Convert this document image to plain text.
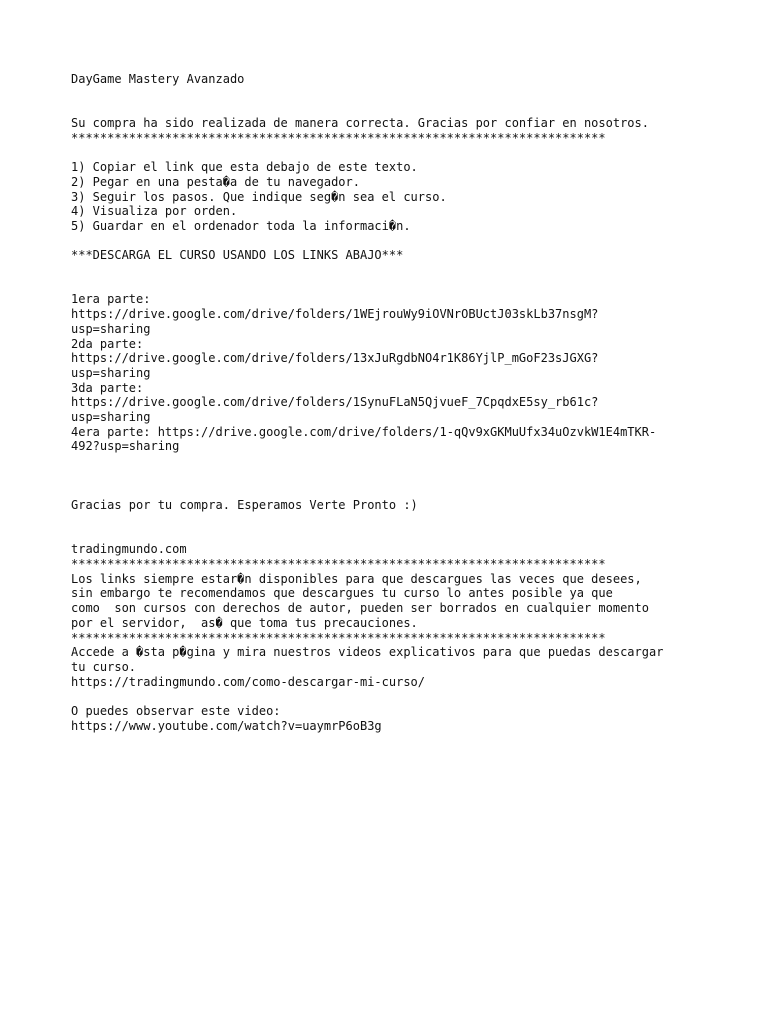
DayGame Mastery Avanzado
Su compra ha sido realizada de manera correcta. Gracias por confiar en nosotros.
**************************************************************************
1) Copiar el link que esta debajo de este texto.
2) Pegar en una pesta�a de tu navegador.
3) Seguir los pasos. Que indique seg�n sea el curso.
4) Visualiza por orden.
5) Guardar en el ordenador toda la informaci�n.
***DESCARGA EL CURSO USANDO LOS LINKS ABAJO***
1era parte:
https://drive.google.com/drive/folders/1WEjrouWy9iOVNrOBUctJ03skLb37nsgM?
usp=sharing
2da parte:
https://drive.google.com/drive/folders/13xJuRgdbNO4r1K86YjlP_mGoF23sJGXG?
usp=sharing
3da parte:
https://drive.google.com/drive/folders/1SynuFLaN5QjvueF_7CpqdxE5sy_rb61c?
usp=sharing
4era parte: https://drive.google.com/drive/folders/1-qQv9xGKMuUfx34uOzvkW1E4mTKR-
492?usp=sharing
Gracias por tu compra. Esperamos Verte Pronto :)
tradingmundo.com
**************************************************************************
Los links siempre estar�n disponibles para que descargues las veces que desees,
sin embargo te recomendamos que descargues tu curso lo antes posible ya que
como  son cursos con derechos de autor, pueden ser borrados en cualquier momento
por el servidor,  as� que toma tus precauciones.
**************************************************************************
Accede a �sta p�gina y mira nuestros videos explicativos para que puedas descargar
tu curso.
https://tradingmundo.com/como-descargar-mi-curso/
O puedes observar este video:
https://www.youtube.com/watch?v=uaymrP6oB3g
